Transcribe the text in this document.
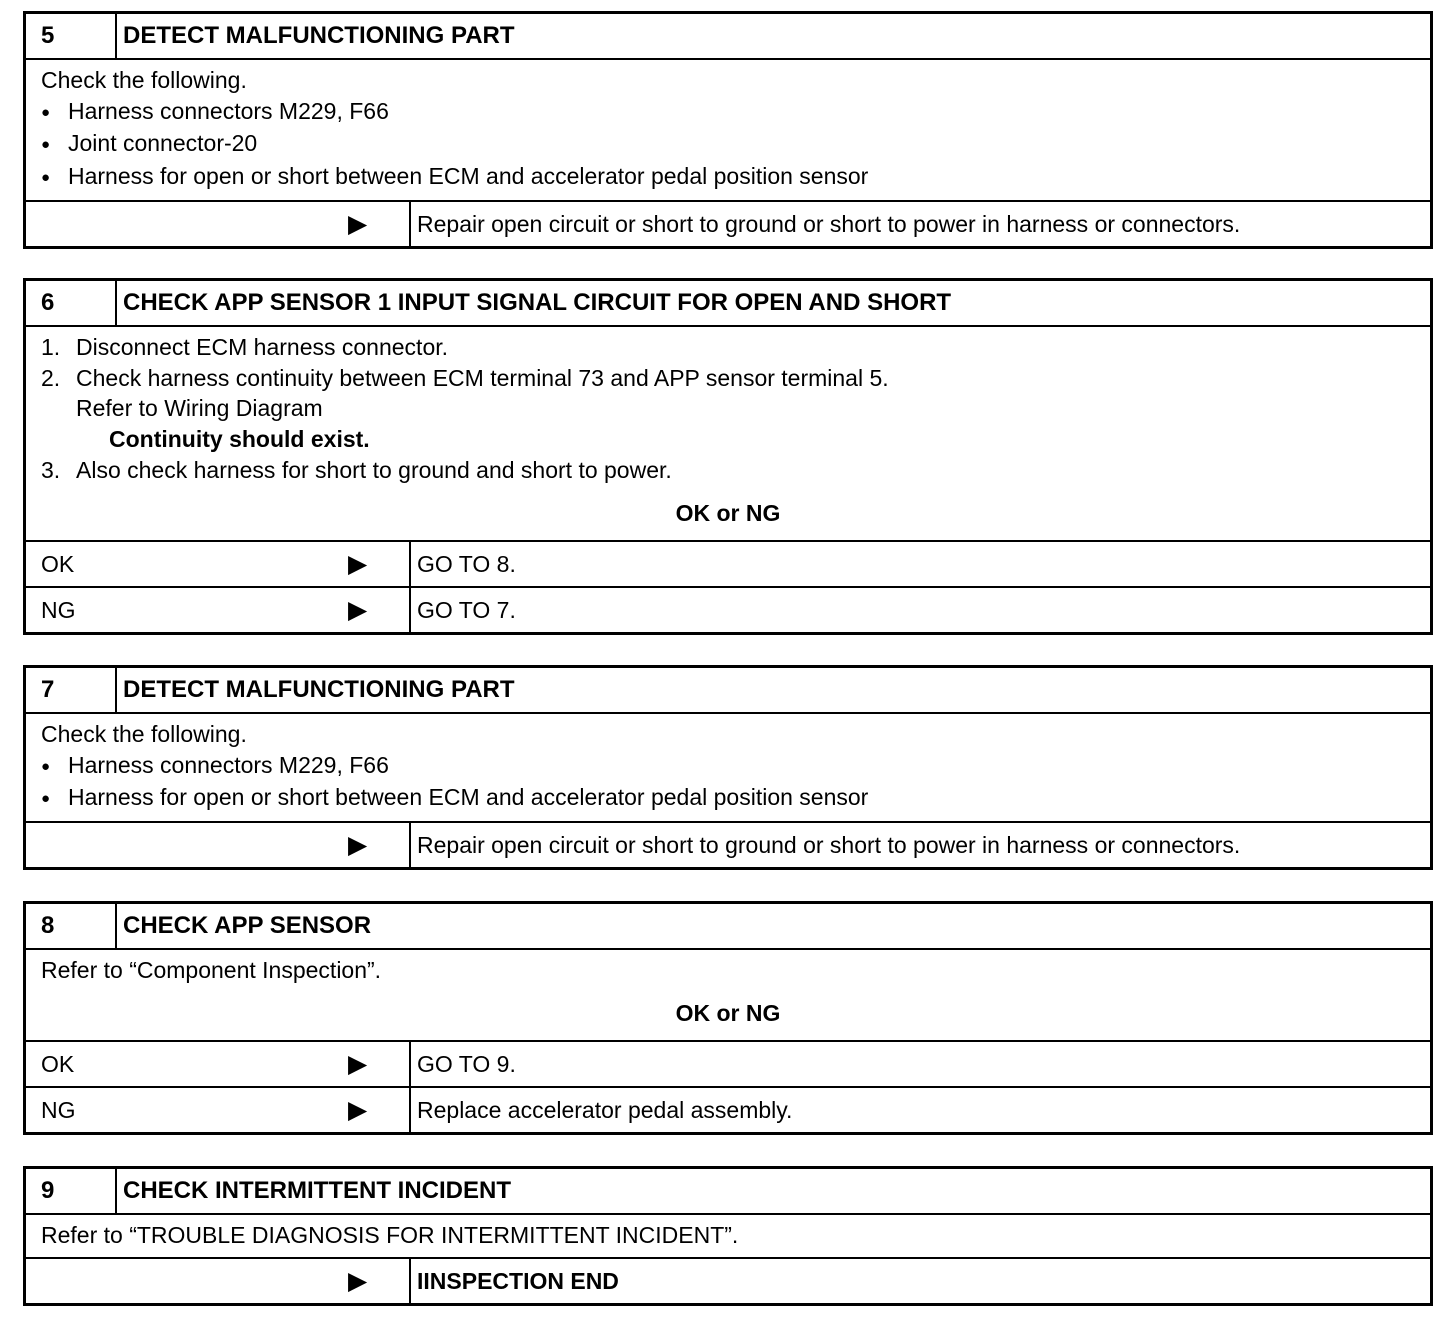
5	DETECT MALFUNCTIONING PART
Check the following.
● Harness connectors M229, F66
● Joint connector-20
● Harness for open or short between ECM and accelerator pedal position sensor
▶ Repair open circuit or short to ground or short to power in harness or connectors.
6	CHECK APP SENSOR 1 INPUT SIGNAL CIRCUIT FOR OPEN AND SHORT
1. Disconnect ECM harness connector.
2. Check harness continuity between ECM terminal 73 and APP sensor terminal 5.
Refer to Wiring Diagram
Continuity should exist.
3. Also check harness for short to ground and short to power.
OK or NG
OK	▶ GO TO 8.
NG	▶ GO TO 7.
7	DETECT MALFUNCTIONING PART
Check the following.
● Harness connectors M229, F66
● Harness for open or short between ECM and accelerator pedal position sensor
▶ Repair open circuit or short to ground or short to power in harness or connectors.
8	CHECK APP SENSOR
Refer to “Component Inspection”.
OK or NG
OK	▶ GO TO 9.
NG	▶ Replace accelerator pedal assembly.
9	CHECK INTERMITTENT INCIDENT
Refer to “TROUBLE DIAGNOSIS FOR INTERMITTENT INCIDENT”.
▶ IINSPECTION END
